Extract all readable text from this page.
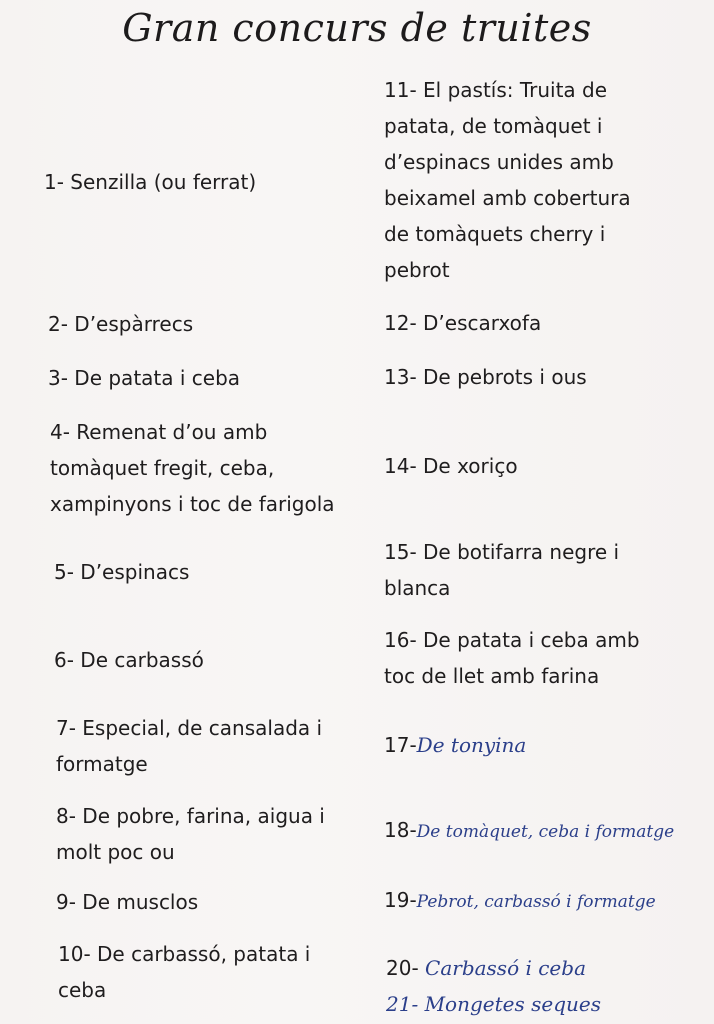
Gran concurs de truites
1- Senzilla (ou ferrat)
2- D’espàrrecs
3- De patata i ceba
4- Remenat d’ou amb
tomàquet fregit, ceba,
xampinyons i toc de farigola
5- D’espinacs
6- De carbassó
7- Especial, de cansalada i
formatge
8- De pobre, farina, aigua i
molt poc ou
9- De musclos
10- De carbassó, patata i
ceba
11- El pastís: Truita de
patata, de tomàquet i
d’espinacs unides amb
beixamel amb cobertura
de tomàquets cherry i
pebrot
12- D’escarxofa
13- De pebrots i ous
14- De xoriço
15- De botifarra negre i
blanca
16- De patata i ceba amb
toc de llet amb farina
17-De tonyina
18-De tomàquet, ceba i formatge
19-Pebrot, carbassó i formatge
20- Carbassó i ceba
21- Mongetes seques
